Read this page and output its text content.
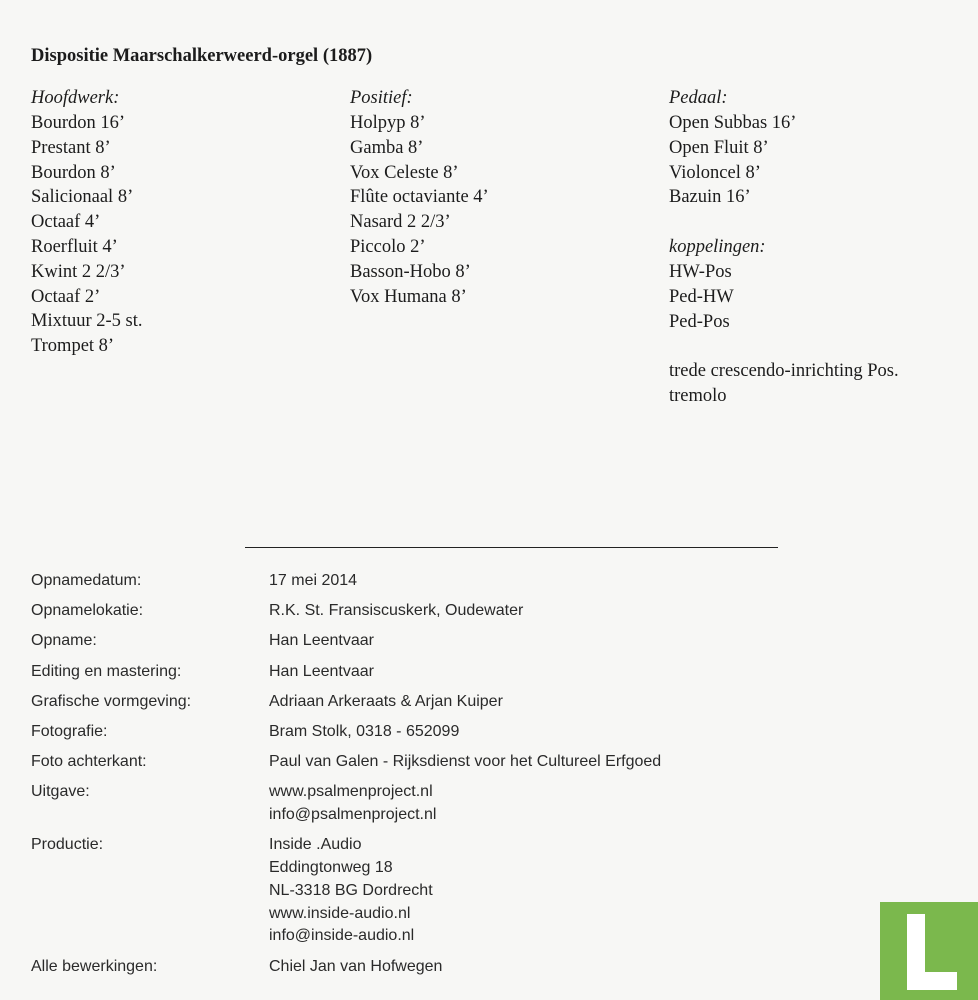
Dispositie Maarschalkerweerd-orgel (1887)
Hoofdwerk:
Bourdon 16’
Prestant 8’
Bourdon 8’
Salicionaal 8’
Octaaf 4’
Roerfluit 4’
Kwint 2 2/3’
Octaaf 2’
Mixtuur 2-5 st.
Trompet 8’
Positief:
Holpyp 8’
Gamba 8’
Vox Celeste 8’
Flûte octaviante 4’
Nasard 2 2/3’
Piccolo 2’
Basson-Hobo 8’
Vox Humana 8’
Pedaal:
Open Subbas 16’
Open Fluit 8’
Violoncel 8’
Bazuin 16’
koppelingen:
HW-Pos
Ped-HW
Ped-Pos
trede crescendo-inrichting Pos.
tremolo
Opnamedatum:	17 mei 2014
Opnamelokatie:	R.K. St. Fransiscuskerk, Oudewater
Opname:	Han Leentvaar
Editing en mastering:	Han Leentvaar
Grafische vormgeving:	Adriaan Arkeraats & Arjan Kuiper
Fotografie:	Bram Stolk, 0318 - 652099
Foto achterkant:	Paul van Galen - Rijksdienst voor het Cultureel Erfgoed
Uitgave:	www.psalmenproject.nl
info@psalmenproject.nl
Productie:	Inside .Audio
Eddingtonweg 18
NL-3318 BG Dordrecht
www.inside-audio.nl
info@inside-audio.nl
Alle bewerkingen:	Chiel Jan van Hofwegen
